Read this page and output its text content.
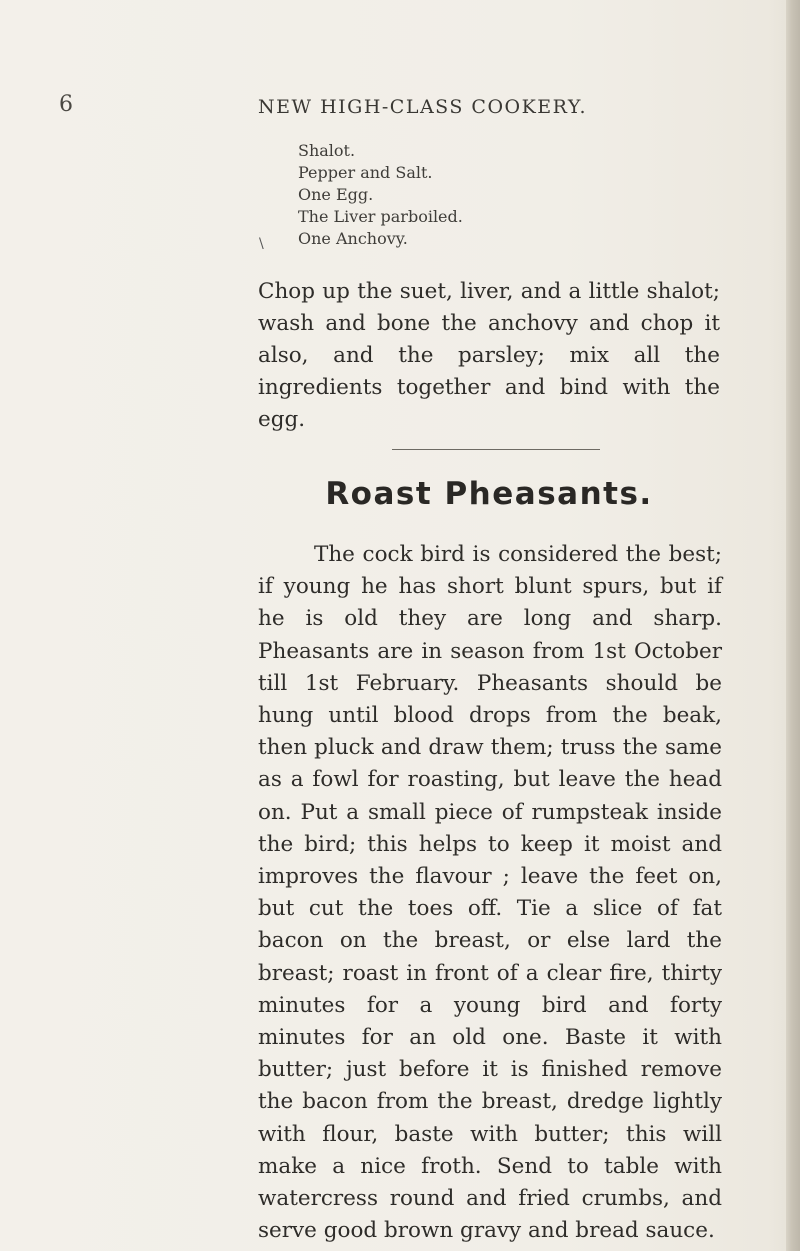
6	NEW HIGH-CLASS COOKERY.
Shalot.
Pepper and Salt.
One Egg.
The Liver parboiled.
One Anchovy.
\

Chop up the suet, liver, and a little shalot; wash and bone the anchovy and chop it also, and the parsley; mix all the ingredients together and bind with the egg.

Roast Pheasants.
The cock bird is considered the best; if young he has short blunt spurs, but if he is old they are long and sharp. Pheasants are in season from 1st October till 1st February. Pheasants should be hung until blood drops from the beak, then pluck and draw them; truss the same as a fowl for roasting, but leave the head on. Put a small piece of rumpsteak inside the bird; this helps to keep it moist and improves the flavour ; leave the feet on, but cut the toes off. Tie a slice of fat bacon on the breast, or else lard the breast; roast in front of a clear fire, thirty minutes for a young bird and forty minutes for an old one. Baste it with butter; just before it is finished remove the bacon from the breast, dredge lightly with flour, baste with butter; this will make a nice froth. Send to table with watercress round and fried crumbs, and serve good brown gravy and bread sauce.
